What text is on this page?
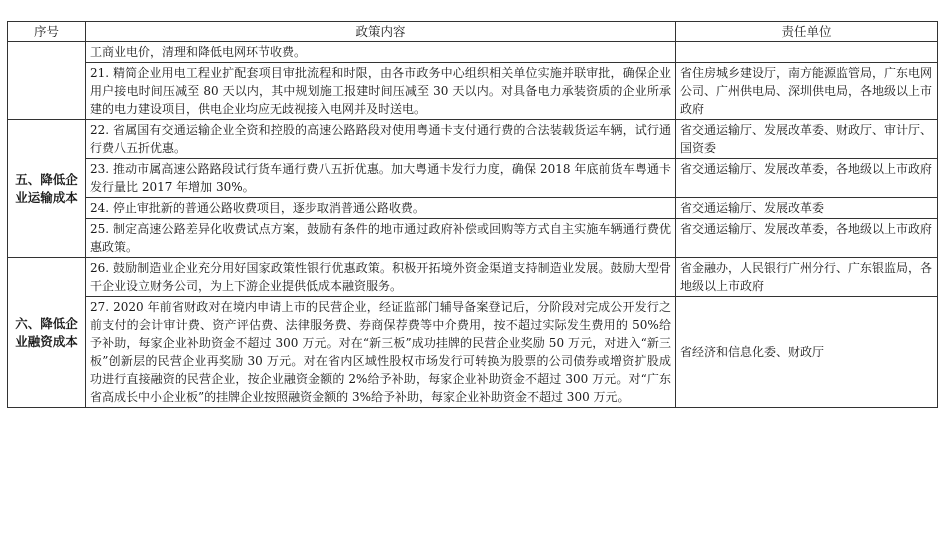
序号	政策内容	责任单位
	工商业电价，清理和降低电网环节收费。	
	21. 精简企业用电工程业扩配套项目审批流程和时限，由各市政务中心组织相关单位实施并联审批，确保企业用户接电时间压减至 80 天以内，其中规划施工报建时间压减至 30 天以内。对具备电力承装资质的企业所承建的电力建设项目，供电企业均应无歧视接入电网并及时送电。	省住房城乡建设厅，南方能源监管局，广东电网公司、广州供电局、深圳供电局，各地级以上市政府
五、降低企业运输成本	22. 省属国有交通运输企业全资和控股的高速公路路段对使用粤通卡支付通行费的合法装载货运车辆，试行通行费八五折优惠。	省交通运输厅、发展改革委、财政厅、审计厅、国资委
	23. 推动市属高速公路路段试行货车通行费八五折优惠。加大粤通卡发行力度，确保 2018 年底前货车粤通卡发行量比 2017 年增加 30%。	省交通运输厅、发展改革委，各地级以上市政府
	24. 停止审批新的普通公路收费项目，逐步取消普通公路收费。	省交通运输厅、发展改革委
	25. 制定高速公路差异化收费试点方案，鼓励有条件的地市通过政府补偿或回购等方式自主实施车辆通行费优惠政策。	省交通运输厅、发展改革委，各地级以上市政府
六、降低企业融资成本	26. 鼓励制造业企业充分用好国家政策性银行优惠政策。积极开拓境外资金渠道支持制造业发展。鼓励大型骨干企业设立财务公司，为上下游企业提供低成本融资服务。	省金融办，人民银行广州分行、广东银监局，各地级以上市政府
	27. 2020 年前省财政对在境内申请上市的民营企业，经证监部门辅导备案登记后，分阶段对完成公开发行之前支付的会计审计费、资产评估费、法律服务费、券商保荐费等中介费用，按不超过实际发生费用的 50%给予补助，每家企业补助资金不超过 300 万元。对在“新三板”成功挂牌的民营企业奖励 50 万元，对进入“新三板”创新层的民营企业再奖励 30 万元。对在省内区域性股权市场发行可转换为股票的公司债券或增资扩股成功进行直接融资的民营企业，按企业融资金额的 2%给予补助，每家企业补助资金不超过 300 万元。对“广东省高成长中小企业板”的挂牌企业按照融资金额的 3%给予补助，每家企业补助资金不超过 300 万元。	省经济和信息化委、财政厅
